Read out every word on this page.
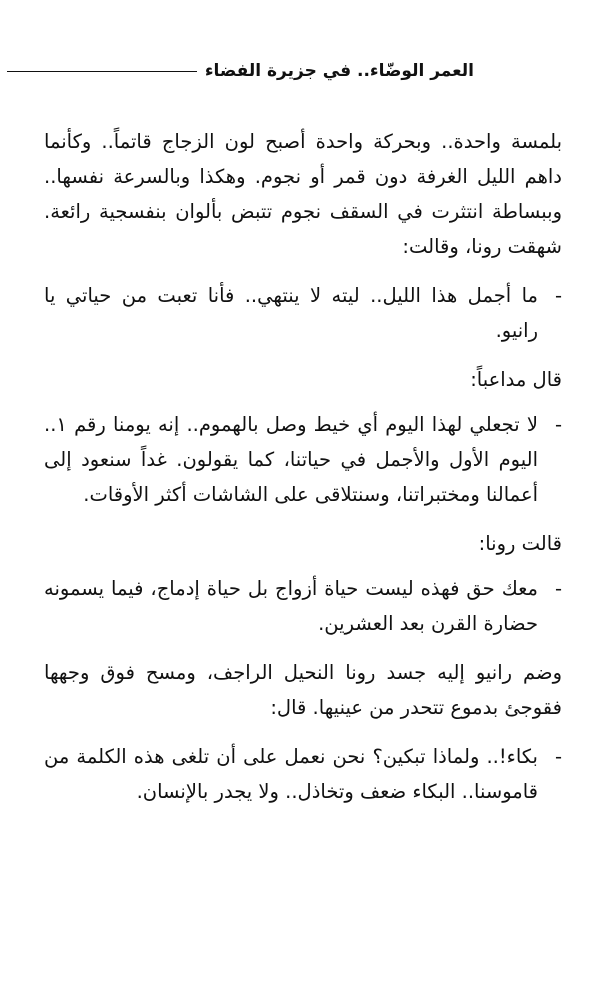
العمر الوضّاء.. في جزيرة الفضاء

بلمسة واحدة.. وبحركة واحدة أصبح لون الزجاج قاتماً.. وكأنما داهم الليل الغرفة دون قمر أو نجوم. وهكذا وبالسرعة نفسها.. وببساطة انتثرت في السقف نجوم تتبض بألوان بنفسجية رائعة. شهقت رونا، وقالت:

-
ما أجمل هذا الليل.. ليته لا ينتهي.. فأنا تعبت من حياتي يا رانيو.

قال مداعباً:

-
لا تجعلي لهذا اليوم أي خيط وصل بالهموم.. إنه يومنا رقم ١.. اليوم الأول والأجمل في حياتنا، كما يقولون. غداً سنعود إلى أعمالنا ومختبراتنا، وسنتلاقى على الشاشات أكثر الأوقات.

قالت رونا:

-
معك حق فهذه ليست حياة أزواج بل حياة إدماج، فيما يسمونه حضارة القرن بعد العشرين.

وضم رانيو إليه جسد رونا النحيل الراجف، ومسح فوق وجهها فقوجئ بدموع تتحدر من عينيها. قال:

-
بكاء!.. ولماذا تبكين؟ نحن نعمل على أن تلغى هذه الكلمة من قاموسنا.. البكاء ضعف وتخاذل.. ولا يجدر بالإنسان.
